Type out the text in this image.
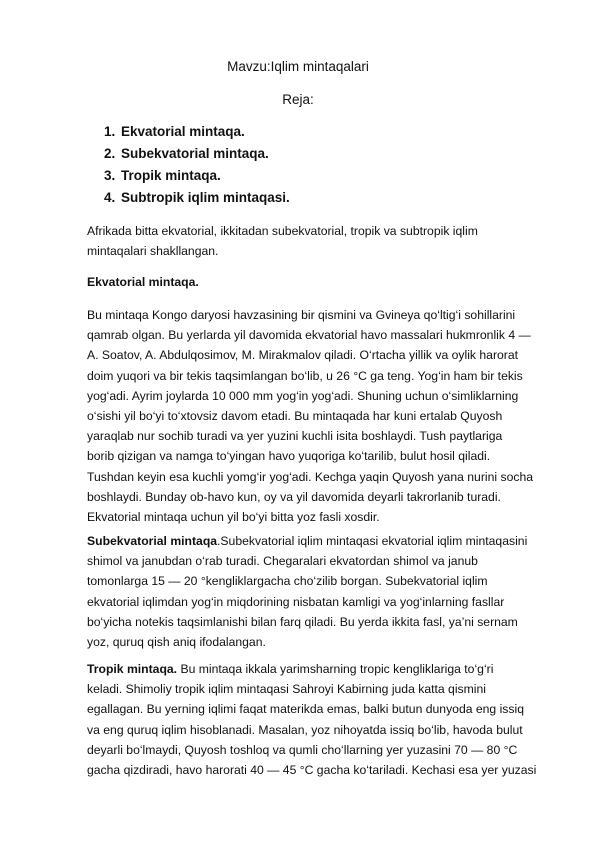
Mavzu:Iqlim mintaqalari
Reja:
1. Ekvatorial mintaqa.
2. Subekvatorial mintaqa.
3. Tropik mintaqa.
4. Subtropik iqlim mintaqasi.

Afrikada bitta ekvatorial, ikkitadan subekvatorial, tropik va subtropik iqlim

mintaqalari shakllangan.

Ekvatorial mintaqa.

Bu mintaqa Kongo daryosi havzasining bir qismini va Gvineya qo‘ltig‘i sohillarini

qamrab olgan. Bu yerlarda yil davomida ekvatorial havo massalari hukmronlik 4 —

A. Soatov, A. Abdulqosimov, M. Mirakmalov qiladi. O‘rtacha yillik va oylik harorat

doim yuqori va bir tekis taqsimlangan bo‘lib, u 26 °C ga teng. Yog‘in ham bir tekis

yog‘adi. Ayrim joylarda 10 000 mm yog‘in yog‘adi. Shuning uchun o‘simliklarning

o‘sishi yil bo‘yi to‘xtovsiz davom etadi. Bu mintaqada har kuni ertalab Quyosh

yaraqlab nur sochib turadi va yer yuzini kuchli isita boshlaydi. Tush paytlariga

borib qizigan va namga to‘yingan havo yuqoriga ko‘tarilib, bulut hosil qiladi.

Tushdan keyin esa kuchli yomg‘ir yog‘adi. Kechga yaqin Quyosh yana nurini socha

boshlaydi. Bunday ob-havo kun, oy va yil davomida deyarli takrorlanib turadi.

Ekvatorial mintaqa uchun yil bo‘yi bitta yoz fasli xosdir.

Subekvatorial mintaqa.Subekvatorial iqlim mintaqasi ekvatorial iqlim mintaqasini

shimol va janubdan o‘rab turadi. Chegaralari ekvatordan shimol va janub

tomonlarga 15 — 20 °kengliklargacha cho‘zilib borgan. Subekvatorial iqlim

ekvatorial iqlimdan yog‘in miqdorining nisbatan kamligi va yog‘inlarning fasllar

bo‘yicha notekis taqsimlanishi bilan farq qiladi. Bu yerda ikkita fasl, ya’ni sernam

yoz, quruq qish aniq ifodalangan.

Tropik mintaqa. Bu mintaqa ikkala yarimsharning tropic kengliklariga to‘g‘ri

keladi. Shimoliy tropik iqlim mintaqasi Sahroyi Kabirning juda katta qismini

egallagan. Bu yerning iqlimi faqat materikda emas, balki butun dunyoda eng issiq

va eng quruq iqlim hisoblanadi. Masalan, yoz nihoyatda issiq bo‘lib, havoda bulut

deyarli bo‘lmaydi, Quyosh toshloq va qumli cho‘llarning yer yuzasini 70 — 80 °C

gacha qizdiradi, havo harorati 40 — 45 °C gacha ko‘tariladi. Kechasi esa yer yuzasi
